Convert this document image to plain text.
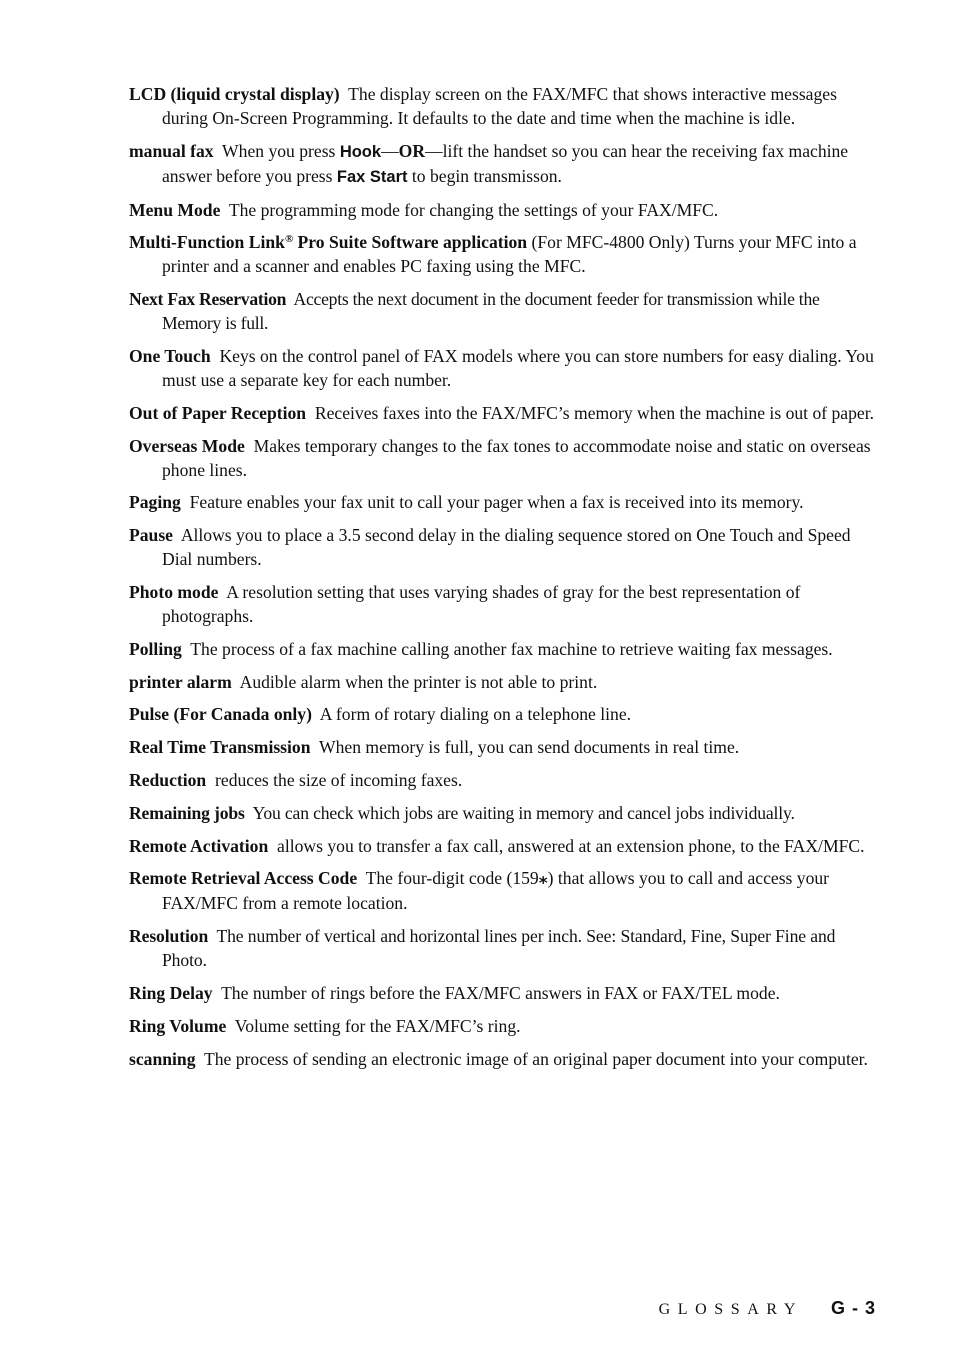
LCD (liquid crystal display) The display screen on the FAX/MFC that shows interactive messages during On-Screen Programming. It defaults to the date and time when the machine is idle.

manual fax When you press Hook—OR—lift the handset so you can hear the receiving fax machine answer before you press Fax Start to begin transmisson.

Menu Mode The programming mode for changing the settings of your FAX/MFC.

Multi-Function Link® Pro Suite Software application (For MFC-4800 Only) Turns your MFC into a printer and a scanner and enables PC faxing using the MFC.

Next Fax Reservation Accepts the next document in the document feeder for transmission while the Memory is full.

One Touch Keys on the control panel of FAX models where you can store numbers for easy dialing. You must use a separate key for each number.

Out of Paper Reception Receives faxes into the FAX/MFC’s memory when the machine is out of paper.

Overseas Mode Makes temporary changes to the fax tones to accommodate noise and static on overseas phone lines.

Paging Feature enables your fax unit to call your pager when a fax is received into its memory.

Pause Allows you to place a 3.5 second delay in the dialing sequence stored on One Touch and Speed Dial numbers.

Photo mode A resolution setting that uses varying shades of gray for the best representation of photographs.

Polling The process of a fax machine calling another fax machine to retrieve waiting fax messages.

printer alarm Audible alarm when the printer is not able to print.

Pulse (For Canada only) A form of rotary dialing on a telephone line.

Real Time Transmission When memory is full, you can send documents in real time.

Reduction reduces the size of incoming faxes.

Remaining jobs You can check which jobs are waiting in memory and cancel jobs individually.

Remote Activation allows you to transfer a fax call, answered at an extension phone, to the FAX/MFC.

Remote Retrieval Access Code The four-digit code (159⁎) that allows you to call and access your FAX/MFC from a remote location.

Resolution The number of vertical and horizontal lines per inch. See: Standard, Fine, Super Fine and Photo.

Ring Delay The number of rings before the FAX/MFC answers in FAX or FAX/TEL mode.

Ring Volume Volume setting for the FAX/MFC’s ring.

scanning The process of sending an electronic image of an original paper document into your computer.

GLOSSARY G - 3
